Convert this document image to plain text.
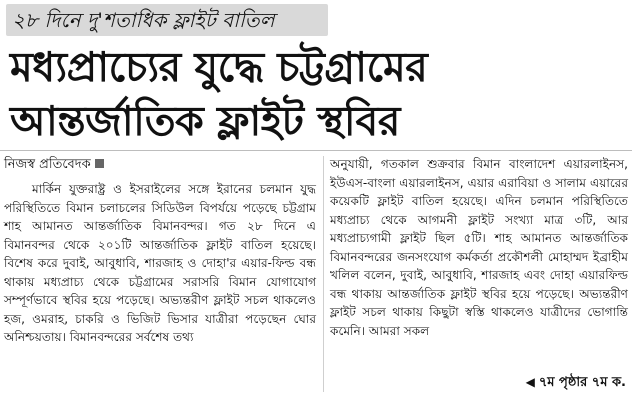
২৮ দিনে দু'শতাধিক ফ্লাইট বাতিল
মধ্যপ্রাচ্যের যুদ্ধে চট্টগ্রামের
আন্তর্জাতিক ফ্লাইট স্থবির
নিজস্ব প্রতিবেদক

মার্কিন যুক্তরাষ্ট্র ও ইসরাইলের সঙ্গে ইরানের চলমান যুদ্ধ পরিস্থিতিতে বিমান চলাচলের সিডিউল বিপর্যয়ে পড়েছে চট্টগ্রাম শাহ আমানত আন্তর্জাতিক বিমানবন্দর। গত ২৮ দিনে এ বিমানবন্দর থেকে ২০১টি আন্তর্জাতিক ফ্লাইট বাতিল হয়েছে। বিশেষ করে দুবাই, আবুধাবি, শারজাহ ও দোহা'র এয়ার-ফিল্ড বন্ধ থাকায় মধ্যপ্রাচ্য থেকে চট্টগ্রামের সরাসরি বিমান যোগাযোগ সম্পূর্ণভাবে স্থবির হয়ে পড়েছে। অভ্যন্তরীণ ফ্লাইট সচল থাকলেও হজ, ওমরাহ, চাকরি ও ভিজিট ভিসার যাত্রীরা পড়েছেন ঘোর অনিশ্চয়তায়। বিমানবন্দরের সর্বশেষ তথ্য

অনুযায়ী, গতকাল শুক্রবার বিমান বাংলাদেশ এয়ারলাইনস, ইউএস-বাংলা এয়ারলাইনস, এয়ার এরাবিয়া ও সালাম এয়ারের কয়েকটি ফ্লাইট বাতিল হয়েছে। এদিন চলমান পরিস্থিতিতে মধ্যপ্রাচ্য থেকে আগমনী ফ্লাইট সংখ্যা মাত্র ৩টি, আর মধ্যপ্রাচ্যগামী ফ্লাইট ছিল ৫টি। শাহ আমানত আন্তর্জাতিক বিমানবন্দরের জনসংযোগ কর্মকর্তা প্রকৌশলী মোহাম্মদ ইব্রাহীম খলিল বলেন, দুবাই, আবুধাবি, শারজাহ এবং দোহা এয়ারফিল্ড বন্ধ থাকায় আন্তর্জাতিক ফ্লাইট স্থবির হয়ে পড়েছে। অভ্যন্তরীণ ফ্লাইট সচল থাকায় কিছুটা স্বস্তি থাকলেও যাত্রীদের ভোগান্তি কমেনি। আমরা সকল

◀ ৭ম পৃষ্ঠার ৭ম ক.
